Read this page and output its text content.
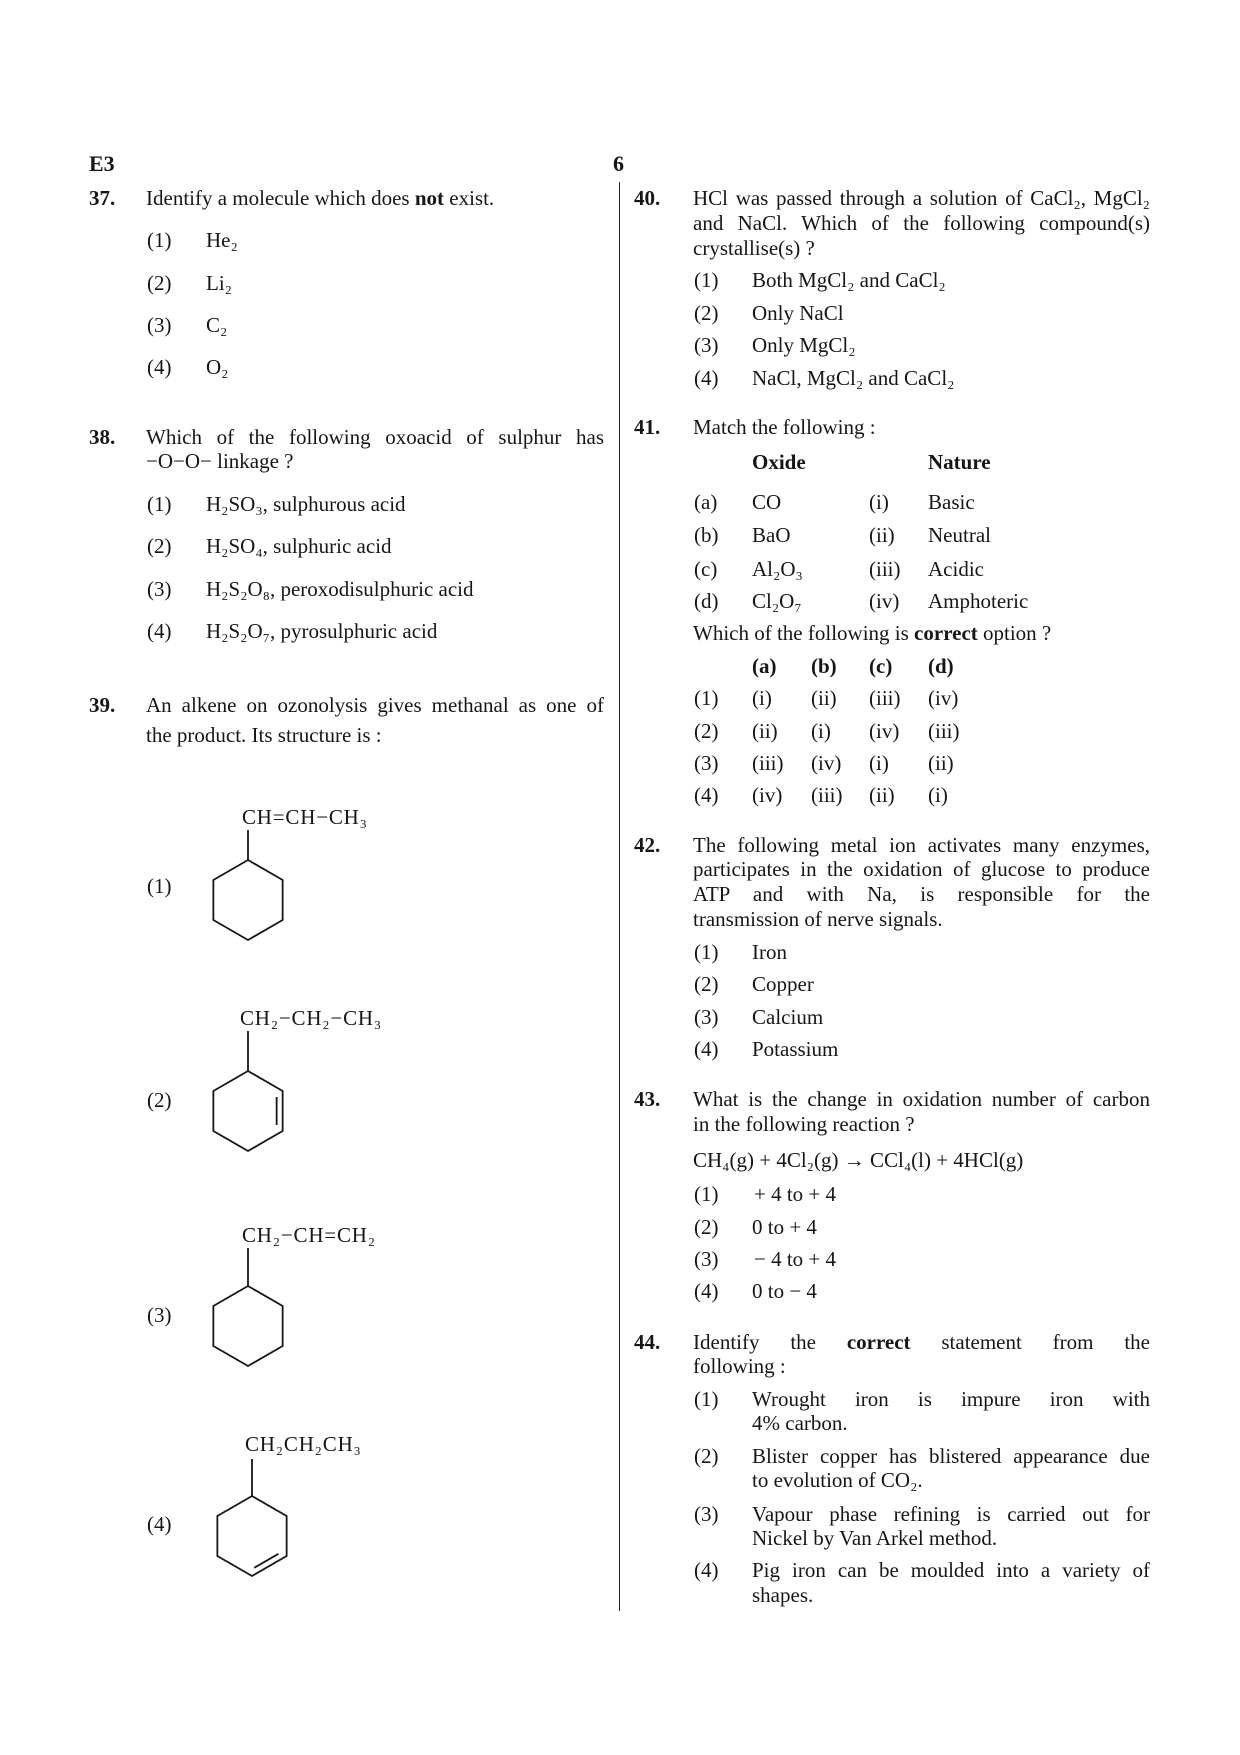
E3	6
37. Identify a molecule which does not exist.
(1) He₂
(2) Li₂
(3) C₂
(4) O₂
38. Which of the following oxoacid of sulphur has
−O−O− linkage ?
(1) H₂SO₃, sulphurous acid
(2) H₂SO₄, sulphuric acid
(3) H₂S₂O₈, peroxodisulphuric acid
(4) H₂S₂O₇, pyrosulphuric acid
39. An alkene on ozonolysis gives methanal as one of
the product. Its structure is :
(1)
CH=CH−CH₃
(2)
CH₂−CH₂−CH₃
(3)
CH₂−CH=CH₂
(4)
CH₂CH₂CH₃
40. HCl was passed through a solution of CaCl₂, MgCl₂
and NaCl. Which of the following compound(s)
crystallise(s) ?
(1) Both MgCl₂ and CaCl₂
(2) Only NaCl
(3) Only MgCl₂
(4) NaCl, MgCl₂ and CaCl₂
41. Match the following :
Oxide	Nature
(a) CO	(i) Basic
(b) BaO	(ii) Neutral
(c) Al₂O₃	(iii) Acidic
(d) Cl₂O₇	(iv) Amphoteric
Which of the following is correct option ?
(a) (b) (c) (d)
(1) (i) (ii) (iii) (iv)
(2) (ii) (i) (iv) (iii)
(3) (iii) (iv) (i) (ii)
(4) (iv) (iii) (ii) (i)
42. The following metal ion activates many enzymes,
participates in the oxidation of glucose to produce
ATP and with Na, is responsible for the
transmission of nerve signals.
(1) Iron
(2) Copper
(3) Calcium
(4) Potassium
43. What is the change in oxidation number of carbon
in the following reaction ?
CH₄(g) + 4Cl₂(g) → CCl₄(l) + 4HCl(g)
(1) + 4 to + 4
(2) 0 to + 4
(3) − 4 to + 4
(4) 0 to − 4
44. Identify the correct statement from the
following :
(1) Wrought iron is impure iron with
4% carbon.
(2) Blister copper has blistered appearance due
to evolution of CO₂.
(3) Vapour phase refining is carried out for
Nickel by Van Arkel method.
(4) Pig iron can be moulded into a variety of
shapes.
